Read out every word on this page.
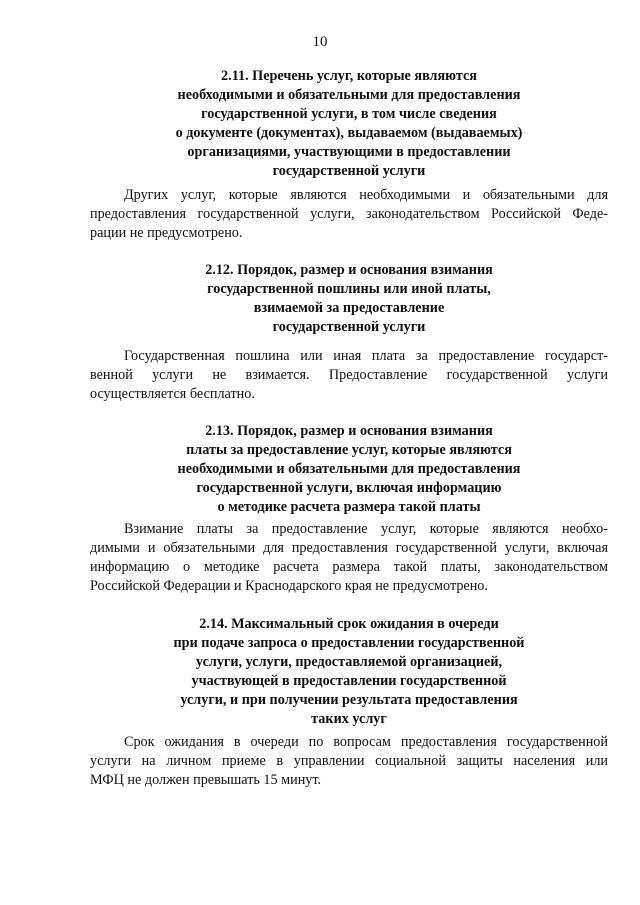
10
2.11. Перечень услуг, которые являются
необходимыми и обязательными для предоставления
государственной услуги, в том числе сведения
о документе (документах), выдаваемом (выдаваемых)
организациями, участвующими в предоставлении
государственной услуги
Других услуг, которые являются необходимыми и обязательными для
предоставления государственной услуги, законодательством Российской Феде-
рации не предусмотрено.
2.12. Порядок, размер и основания взимания
государственной пошлины или иной платы,
взимаемой за предоставление
государственной услуги
Государственная пошлина или иная плата за предоставление государст-
венной услуги не взимается. Предоставление государственной услуги
осуществляется бесплатно.
2.13. Порядок, размер и основания взимания
платы за предоставление услуг, которые являются
необходимыми и обязательными для предоставления
государственной услуги, включая информацию
о методике расчета размера такой платы
Взимание платы за предоставление услуг, которые являются необхо-
димыми и обязательными для предоставления государственной услуги, включая
информацию о методике расчета размера такой платы, законодательством
Российской Федерации и Краснодарского края не предусмотрено.
2.14. Максимальный срок ожидания в очереди
при подаче запроса о предоставлении государственной
услуги, услуги, предоставляемой организацией,
участвующей в предоставлении государственной
услуги, и при получении результата предоставления
таких услуг
Срок ожидания в очереди по вопросам предоставления государственной
услуги на личном приеме в управлении социальной защиты населения или
МФЦ не должен превышать 15 минут.
